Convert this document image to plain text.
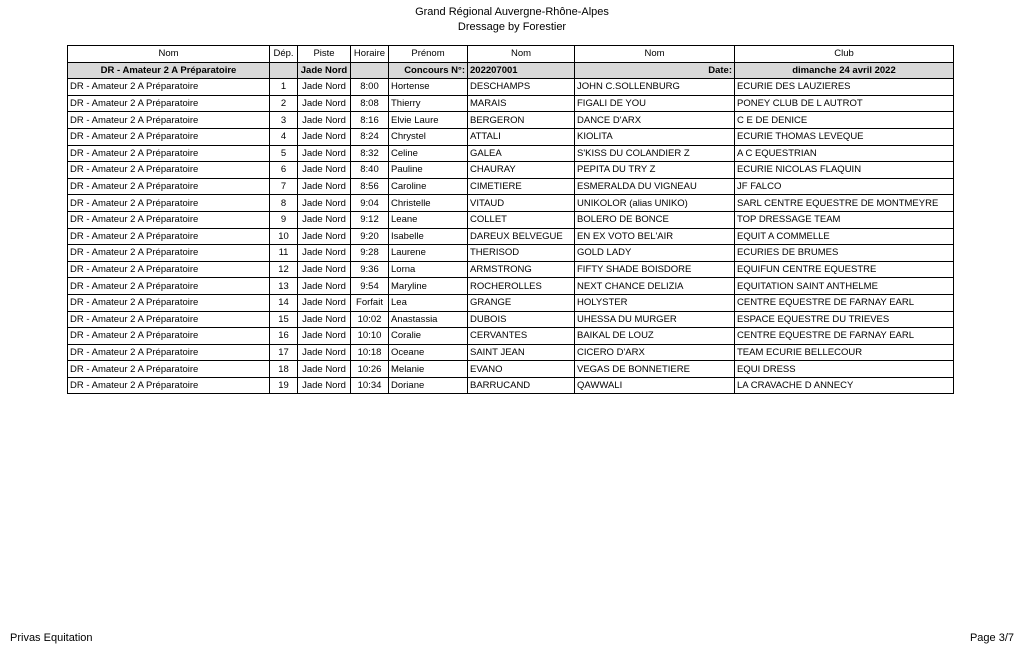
Grand Régional Auvergne-Rhône-Alpes
Dressage by Forestier
Nom	Dép.	Piste	Horaire	Prénom	Nom	Nom	Club
DR - Amateur 2 A Préparatoire		Jade Nord		Concours N°:	202207001	Date:	dimanche 24 avril 2022
DR - Amateur 2 A Préparatoire	1	Jade Nord	8:00	Hortense	DESCHAMPS	JOHN C.SOLLENBURG	ECURIE DES LAUZIERES
DR - Amateur 2 A Préparatoire	2	Jade Nord	8:08	Thierry	MARAIS	FIGALI DE YOU	PONEY CLUB DE L AUTROT
DR - Amateur 2 A Préparatoire	3	Jade Nord	8:16	Elvie Laure	BERGERON	DANCE D'ARX	C E DE DENICE
DR - Amateur 2 A Préparatoire	4	Jade Nord	8:24	Chrystel	ATTALI	KIOLITA	ECURIE THOMAS LEVEQUE
DR - Amateur 2 A Préparatoire	5	Jade Nord	8:32	Celine	GALEA	S'KISS DU COLANDIER Z	A C EQUESTRIAN
DR - Amateur 2 A Préparatoire	6	Jade Nord	8:40	Pauline	CHAURAY	PEPITA DU TRY Z	ECURIE NICOLAS FLAQUIN
DR - Amateur 2 A Préparatoire	7	Jade Nord	8:56	Caroline	CIMETIERE	ESMERALDA DU VIGNEAU	JF FALCO
DR - Amateur 2 A Préparatoire	8	Jade Nord	9:04	Christelle	VITAUD	UNIKOLOR (alias UNIKO)	SARL CENTRE EQUESTRE DE MONTMEYRE
DR - Amateur 2 A Préparatoire	9	Jade Nord	9:12	Leane	COLLET	BOLERO DE BONCE	TOP DRESSAGE TEAM
DR - Amateur 2 A Préparatoire	10	Jade Nord	9:20	Isabelle	DAREUX BELVEGUE	EN EX VOTO BEL'AIR	EQUIT A COMMELLE
DR - Amateur 2 A Préparatoire	11	Jade Nord	9:28	Laurene	THERISOD	GOLD LADY	ECURIES DE BRUMES
DR - Amateur 2 A Préparatoire	12	Jade Nord	9:36	Lorna	ARMSTRONG	FIFTY SHADE BOISDORE	EQUIFUN CENTRE EQUESTRE
DR - Amateur 2 A Préparatoire	13	Jade Nord	9:54	Maryline	ROCHEROLLES	NEXT CHANCE DELIZIA	EQUITATION SAINT ANTHELME
DR - Amateur 2 A Préparatoire	14	Jade Nord	Forfait	Lea	GRANGE	HOLYSTER	CENTRE EQUESTRE DE FARNAY EARL
DR - Amateur 2 A Préparatoire	15	Jade Nord	10:02	Anastassia	DUBOIS	UHESSA DU MURGER	ESPACE EQUESTRE DU TRIEVES
DR - Amateur 2 A Préparatoire	16	Jade Nord	10:10	Coralie	CERVANTES	BAIKAL DE LOUZ	CENTRE EQUESTRE DE FARNAY EARL
DR - Amateur 2 A Préparatoire	17	Jade Nord	10:18	Oceane	SAINT JEAN	CICERO D'ARX	TEAM ECURIE BELLECOUR
DR - Amateur 2 A Préparatoire	18	Jade Nord	10:26	Melanie	EVANO	VEGAS DE BONNETIERE	EQUI DRESS
DR - Amateur 2 A Préparatoire	19	Jade Nord	10:34	Doriane	BARRUCAND	QAWWALI	LA CRAVACHE D ANNECY
Privas Equitation	Page 3/7
